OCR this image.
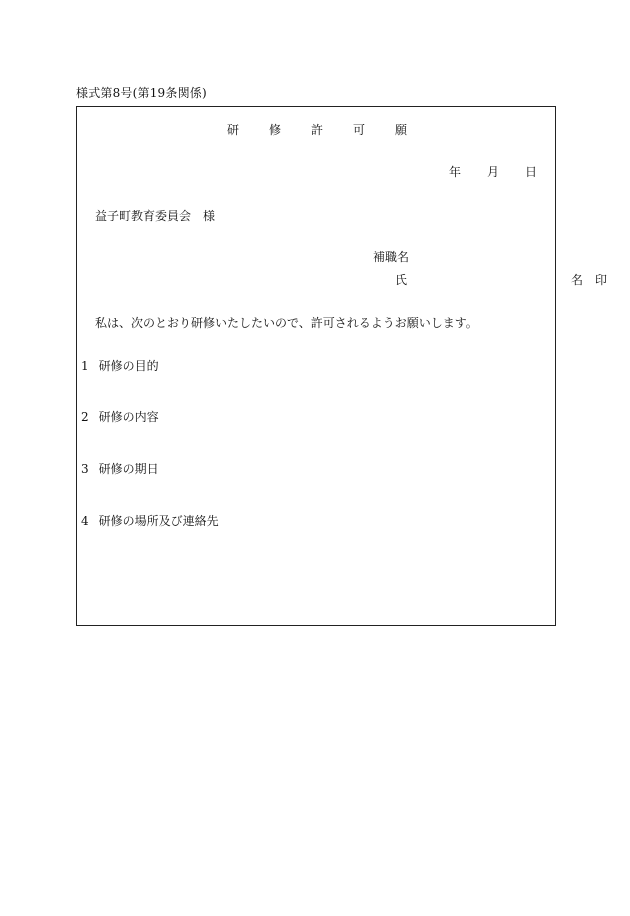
様式第8号(第19条関係)
研	修	許	可	願
年 月 日
益子町教育委員会　様
補職名
氏	名 印
私は、次のとおり研修いたしたいので、許可されるようお願いします。
1 研修の目的
2 研修の内容
3 研修の期日
4 研修の場所及び連絡先
